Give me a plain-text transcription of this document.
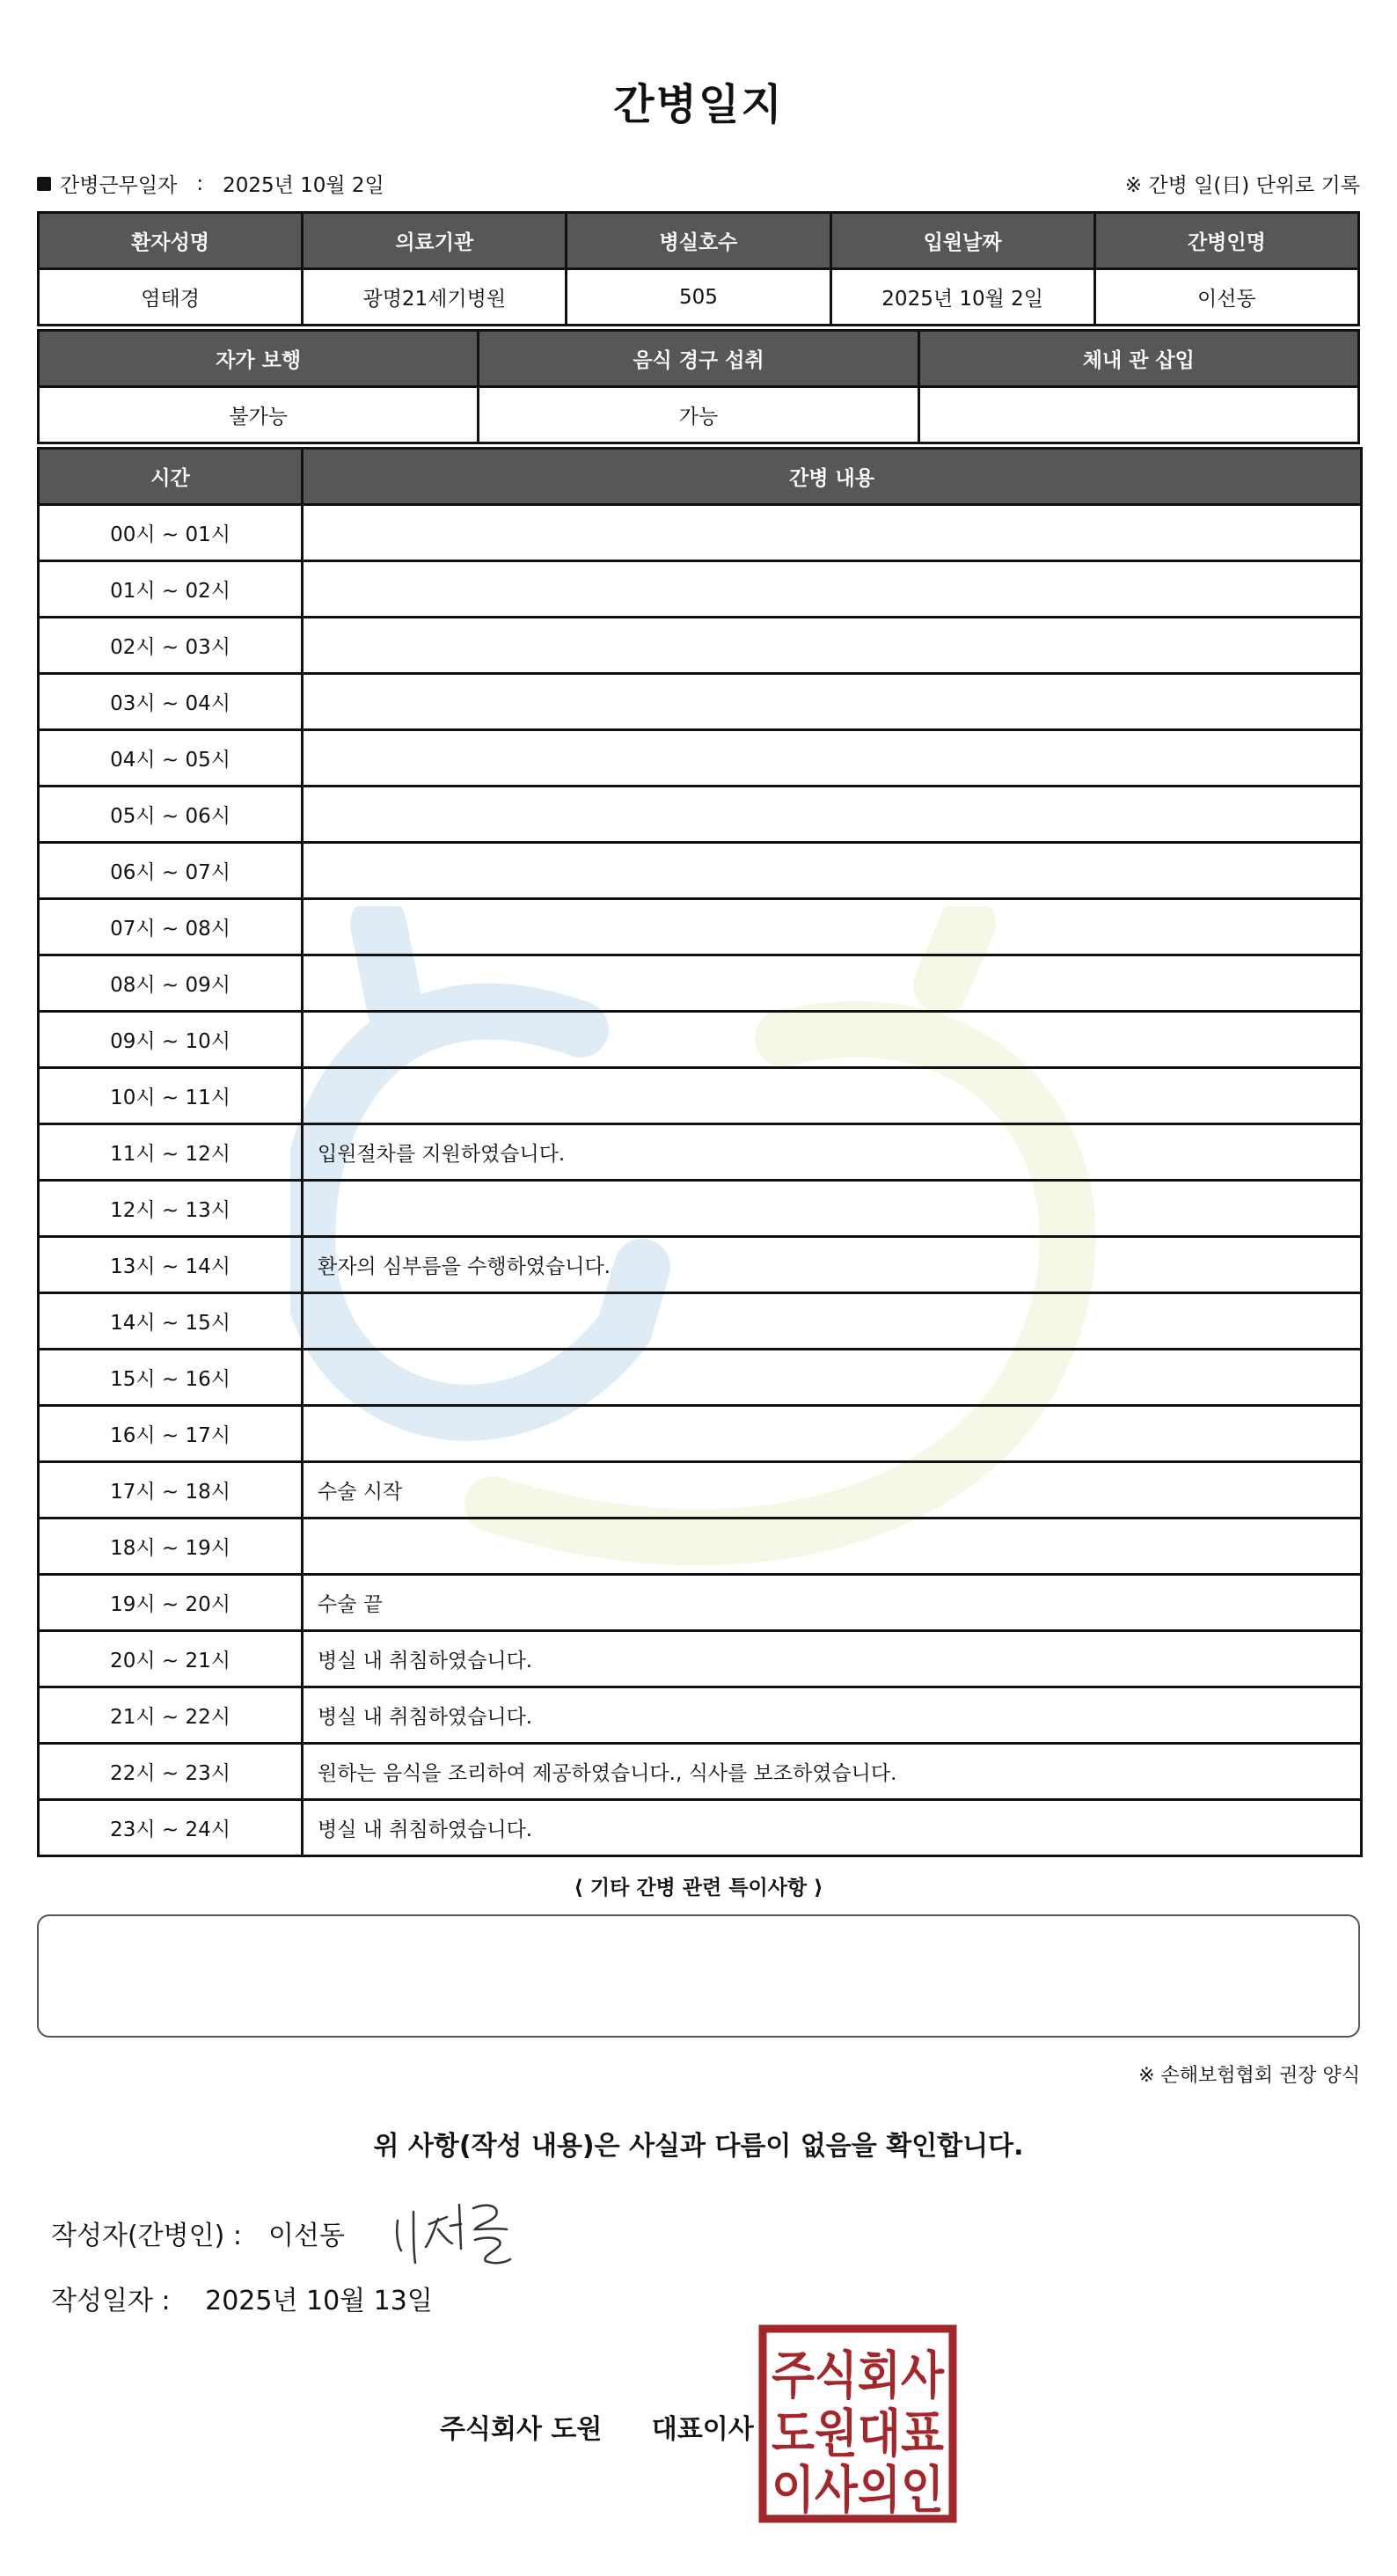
간병일지
간병근무일자 : 2025년 10월 2일	※ 간병 일(日) 단위로 기록
환자성명	의료기관	병실호수	입원날짜	간병인명
염태경	광명21세기병원	505	2025년 10월 2일	이선동
자가 보행	음식 경구 섭취	체내 관 삽입
불가능	가능	
시간	간병 내용
00시 ~ 01시	
01시 ~ 02시	
02시 ~ 03시	
03시 ~ 04시	
04시 ~ 05시	
05시 ~ 06시	
06시 ~ 07시	
07시 ~ 08시	
08시 ~ 09시	
09시 ~ 10시	
10시 ~ 11시	
11시 ~ 12시	입원절차를 지원하였습니다.
12시 ~ 13시	
13시 ~ 14시	환자의 심부름을 수행하였습니다.
14시 ~ 15시	
15시 ~ 16시	
16시 ~ 17시	
17시 ~ 18시	수술 시작
18시 ~ 19시	
19시 ~ 20시	수술 끝
20시 ~ 21시	병실 내 취침하였습니다.
21시 ~ 22시	병실 내 취침하였습니다.
22시 ~ 23시	원하는 음식을 조리하여 제공하였습니다., 식사를 보조하였습니다.
23시 ~ 24시	병실 내 취침하였습니다.
⟨ 기타 간병 관련 특이사항 ⟩
※ 손해보험협회 권장 양식
위 사항(작성 내용)은 사실과 다름이 없음을 확인합니다.
작성자(간병인) : 이선동
작성일자 : 2025년 10월 13일
주식회사 도원 대표이사
주식회사
도원대표
이사의인
